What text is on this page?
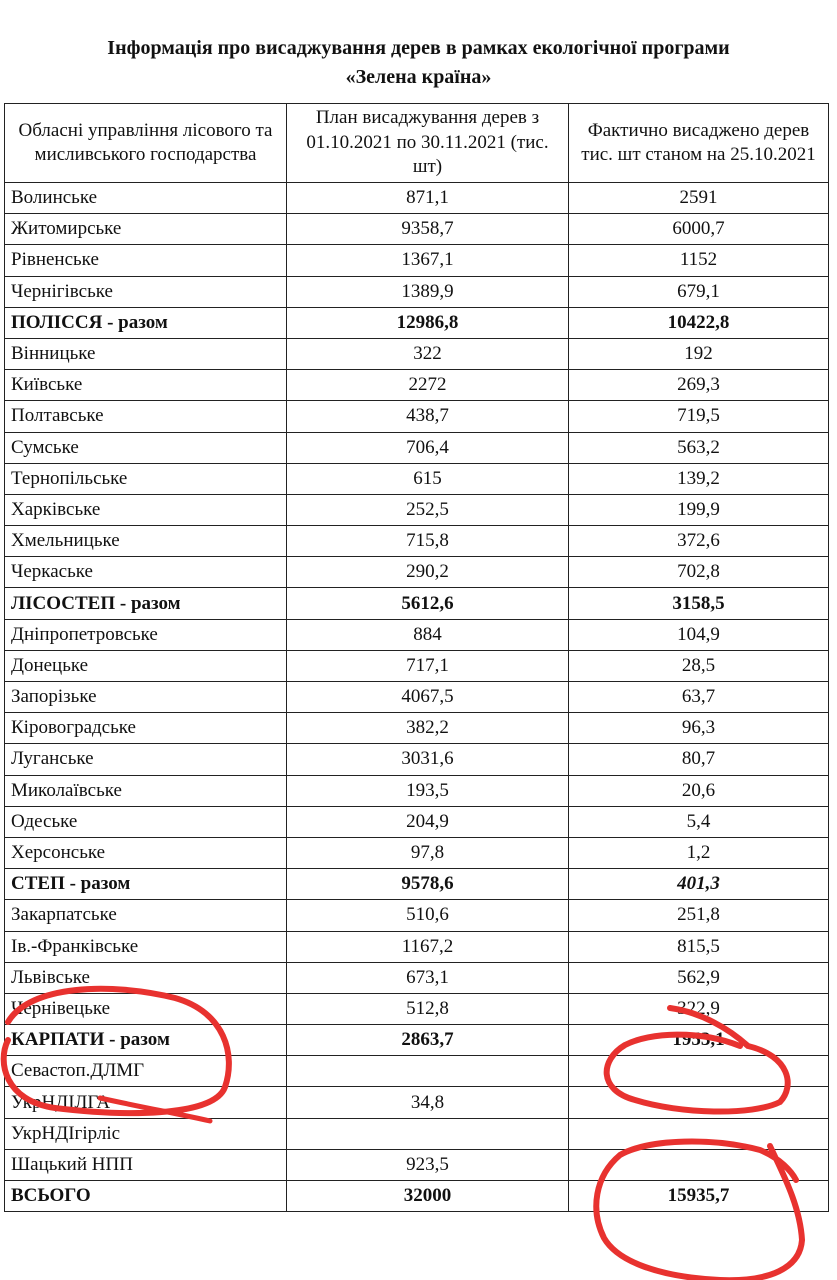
Інформація про висаджування дерев в рамках екологічної програми
«Зелена країна»
Обласні управління лісового та мисливського господарства	План висаджування дерев з 01.10.2021 по 30.11.2021 (тис. шт)	Фактично висаджено дерев тис. шт станом на 25.10.2021
Волинське	871,1	2591
Житомирське	9358,7	6000,7
Рівненське	1367,1	1152
Чернігівське	1389,9	679,1
ПОЛІССЯ - разом	12986,8	10422,8
Вінницьке	322	192
Київське	2272	269,3
Полтавське	438,7	719,5
Сумське	706,4	563,2
Тернопільське	615	139,2
Харківське	252,5	199,9
Хмельницьке	715,8	372,6
Черкаське	290,2	702,8
ЛІСОСТЕП - разом	5612,6	3158,5
Дніпропетровське	884	104,9
Донецьке	717,1	28,5
Запорізьке	4067,5	63,7
Кіровоградське	382,2	96,3
Луганське	3031,6	80,7
Миколаївське	193,5	20,6
Одеське	204,9	5,4
Херсонське	97,8	1,2
СТЕП - разом	9578,6	401,3
Закарпатське	510,6	251,8
Ів.-Франківське	1167,2	815,5
Львівське	673,1	562,9
Чернівецьке	512,8	322,9
КАРПАТИ - разом	2863,7	1953,1
Севастоп.ДЛМГ		
УкрНДІЛГА	34,8	
УкрНДІгірліс		
Шацький НПП	923,5	
ВСЬОГО	32000	15935,7
